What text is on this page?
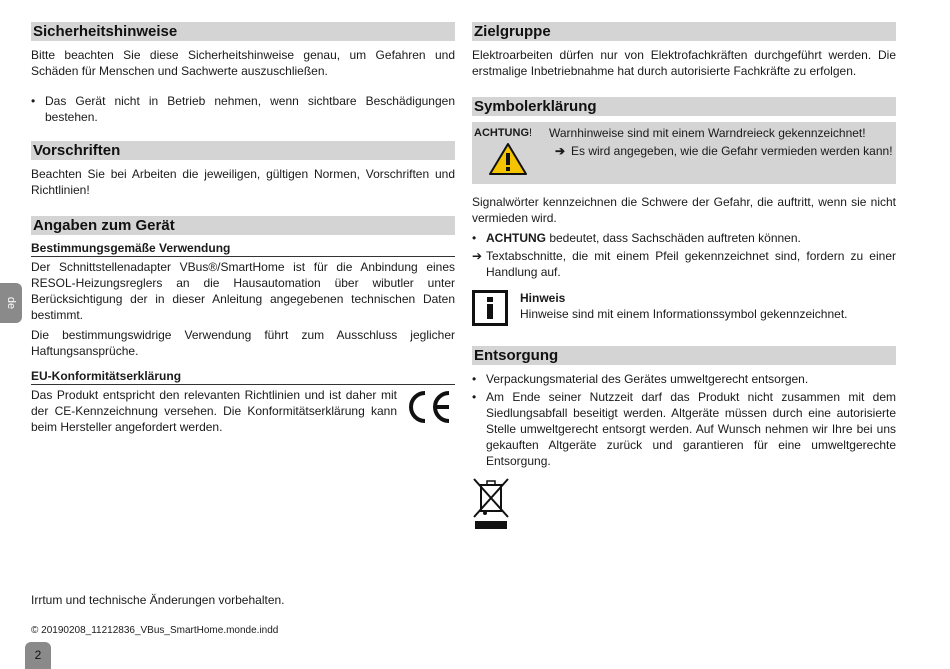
de
Sicherheitshinweise

Bitte beachten Sie diese Sicherheitshinweise genau, um Gefahren und Schäden für Menschen und Sachwerte auszuschließen.

• Das Gerät nicht in Betrieb nehmen, wenn sichtbare Beschädigungen bestehen.
Vorschriften

Beachten Sie bei Arbeiten die jeweiligen, gültigen Normen, Vorschriften und Richtlinien!

Angaben zum Gerät
Bestimmungsgemäße Verwendung

Der Schnittstellenadapter VBus®/SmartHome ist für die Anbindung eines RESOL-Heizungsreglers an die Hausautomation über wibutler unter Berücksichtigung der in dieser Anleitung angegebenen technischen Daten bestimmt.

Die bestimmungswidrige Verwendung führt zum Ausschluss jeglicher Haftungsansprüche.

EU-Konformitätserklärung

Das Produkt entspricht den relevanten Richtlinien und ist daher mit der CE-Kennzeichnung versehen. Die Konformitätserklärung kann beim Hersteller angefordert werden.

Zielgruppe

Elektroarbeiten dürfen nur von Elektrofachkräften durchgeführt werden. Die erstmalige Inbetriebnahme hat durch autorisierte Fachkräfte zu erfolgen.

Symbolerklärung
ACHTUNG! Warnhinweise sind mit einem Warndreieck gekennzeichnet!
➔ Es wird angegeben, wie die Gefahr vermieden werden kann!

Signalwörter kennzeichnen die Schwere der Gefahr, die auftritt, wenn sie nicht vermieden wird.

• ACHTUNG bedeutet, dass Sachschäden auftreten können.
➔ Textabschnitte, die mit einem Pfeil gekennzeichnet sind, fordern zu einer Handlung auf.
Hinweis
Hinweise sind mit einem Informationssymbol gekennzeichnet.
Entsorgung
• Verpackungsmaterial des Gerätes umweltgerecht entsorgen.
• Am Ende seiner Nutzzeit darf das Produkt nicht zusammen mit dem Siedlungsabfall beseitigt werden. Altgeräte müssen durch eine autorisierte Stelle umweltgerecht entsorgt werden. Auf Wunsch nehmen wir Ihre bei uns gekauften Altgeräte zurück und garantieren für eine umweltgerechte Entsorgung.
Irrtum und technische Änderungen vorbehalten.
© 20190208_11212836_VBus_SmartHome.monde.indd
2
